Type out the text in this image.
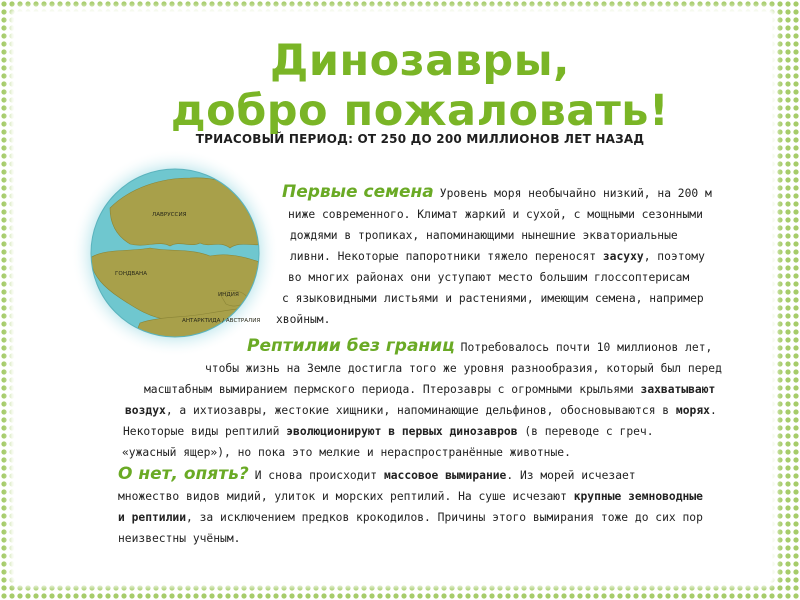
Динозавры,
добро пожаловать!
ТРИАСОВЫЙ ПЕРИОД: ОТ 250 ДО 200 МИЛЛИОНОВ ЛЕТ НАЗАД
ЛАВРУССИЯ
ГОНДВАНА
ИНДИЯ
АНТАРКТИДА / АВСТРАЛИЯ

Первые семена Уровень моря необычайно низкий, на 200 м

ниже современного. Климат жаркий и сухой, с мощными сезонными

дождями в тропиках, напоминающими нынешние экваториальные

ливни. Некоторые папоротники тяжело переносят засуху, поэтому

во многих районах они уступают место большим глоссоптерисам

с языковидными листьями и растениями, имеющим семена, например

хвойным.

Рептилии без границ Потребовалось почти 10 миллионов лет,

чтобы жизнь на Земле достигла того же уровня разнообразия, который был перед

масштабным вымиранием пермского периода. Птерозавры с огромными крыльями захватывают

воздух, а ихтиозавры, жестокие хищники, напоминающие дельфинов, обосновываются в морях.

Некоторые виды рептилий эволюционируют в первых динозавров (в переводе с греч.

«ужасный ящер»), но пока это мелкие и нераспространённые животные.

О нет, опять? И снова происходит массовое вымирание. Из морей исчезает

множество видов мидий, улиток и морских рептилий. На суше исчезают крупные земноводные

и рептилии, за исключением предков крокодилов. Причины этого вымирания тоже до сих пор

неизвестны учёным.

42
